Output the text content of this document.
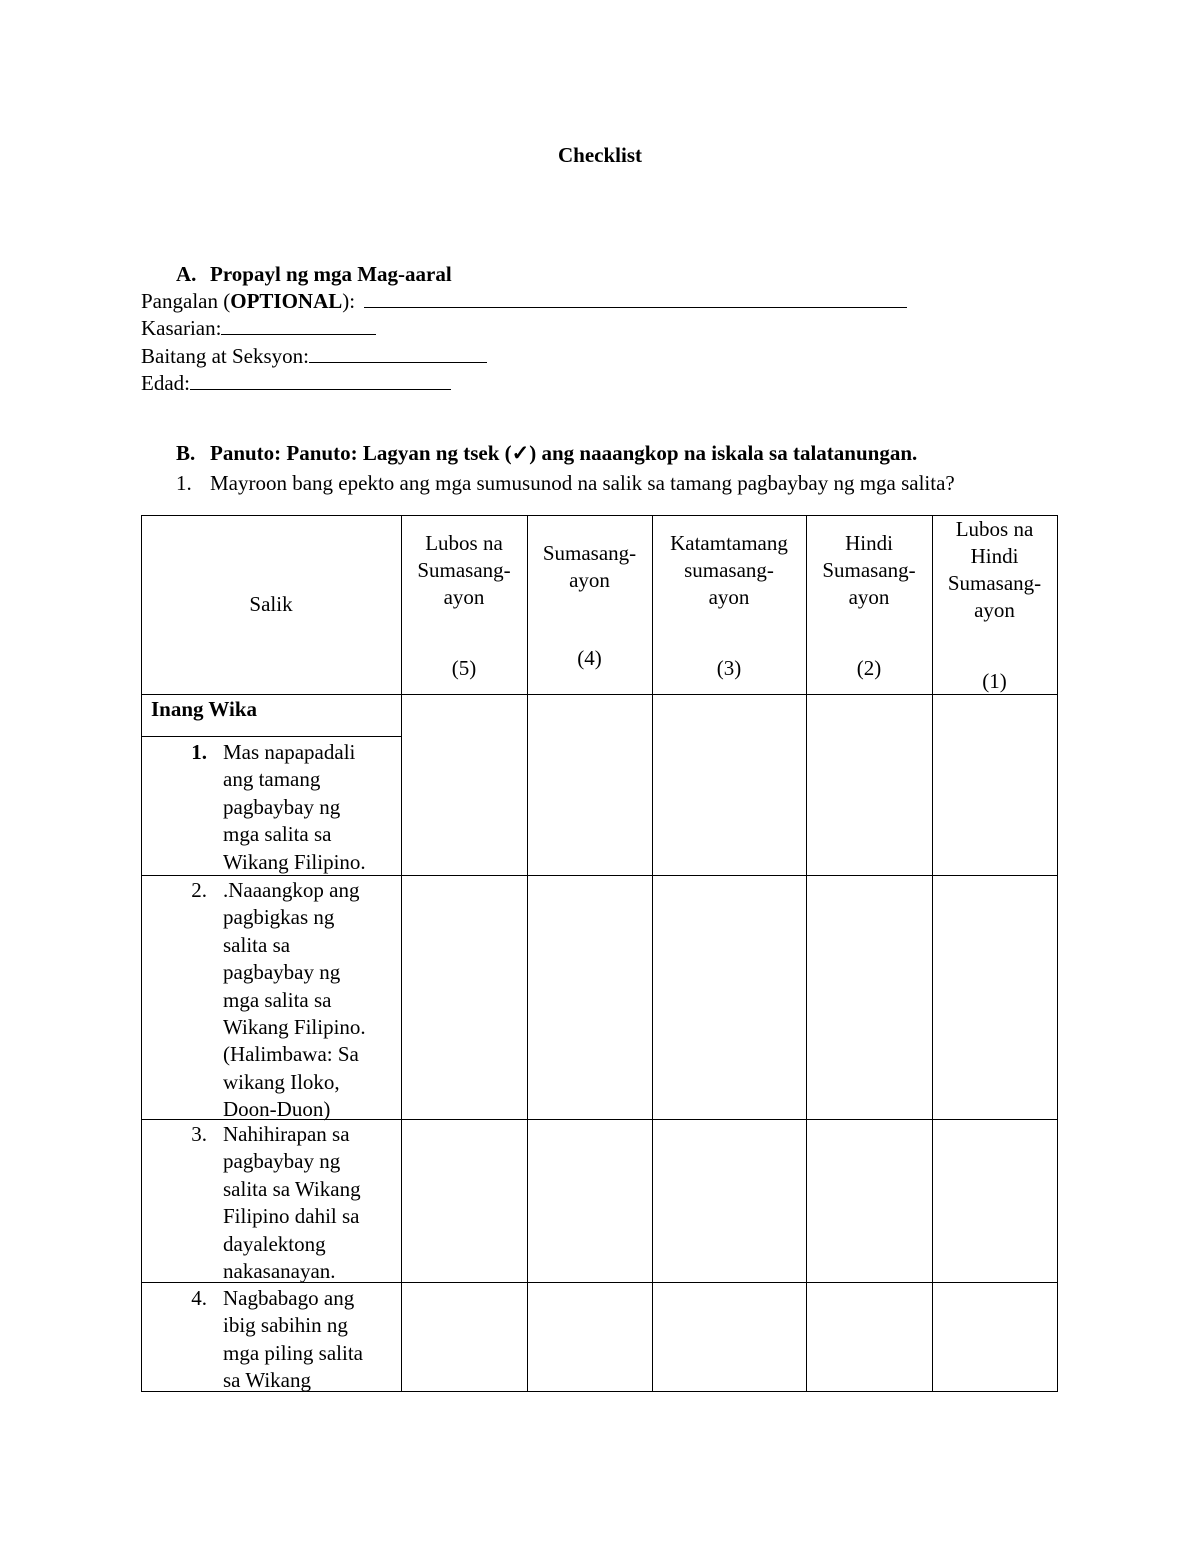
Checklist
A. Propayl ng mga Mag-aaral
Pangalan (OPTIONAL):
Kasarian:
Baitang at Seksyon:
Edad:
B. Panuto: Panuto: Lagyan ng tsek (✓) ang naaangkop na iskala sa talatanungan.
1. Mayroon bang epekto ang mga sumusunod na salik sa tamang pagbaybay ng mga salita?
Salik
Lubos na
Sumasang-
ayon
(5)
Sumasang-
ayon
(4)
Katamtamang
sumasang-
ayon
(3)
Hindi
Sumasang-
ayon
(2)
Lubos na
Hindi
Sumasang-
ayon
(1)
Inang Wika
1. Mas napapadali
ang tamang
pagbaybay ng
mga salita sa
Wikang Filipino.
2. .Naaangkop ang
pagbigkas ng
salita sa
pagbaybay ng
mga salita sa
Wikang Filipino.
(Halimbawa: Sa
wikang Iloko,
Doon-Duon)
3. Nahihirapan sa
pagbaybay ng
salita sa Wikang
Filipino dahil sa
dayalektong
nakasanayan.
4. Nagbabago ang
ibig sabihin ng
mga piling salita
sa Wikang
